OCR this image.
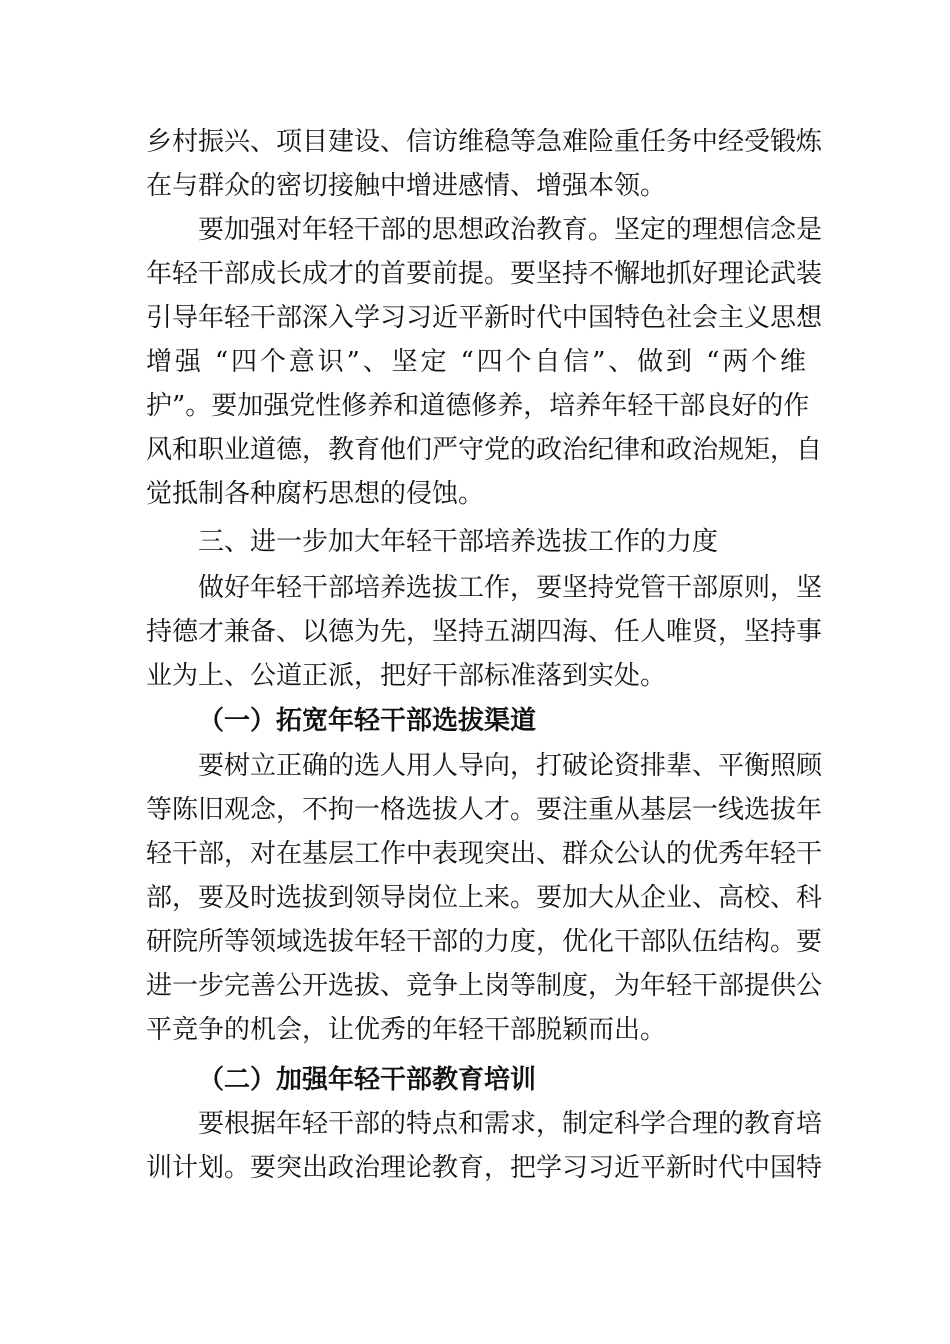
乡村振兴、项目建设、信访维稳等急难险重任务中经受锻炼
在与群众的密切接触中增进感情、增强本领。
要加强对年轻干部的思想政治教育。坚定的理想信念是
年轻干部成长成才的首要前提。要坚持不懈地抓好理论武装
引导年轻干部深入学习习近平新时代中国特色社会主义思想
增强 “四个意识”、坚定 “四个自信”、做到 “两个维
护”。要加强党性修养和道德修养，培养年轻干部良好的作
风和职业道德，教育他们严守党的政治纪律和政治规矩，自
觉抵制各种腐朽思想的侵蚀。
三、进一步加大年轻干部培养选拔工作的力度
做好年轻干部培养选拔工作，要坚持党管干部原则，坚
持德才兼备、以德为先，坚持五湖四海、任人唯贤，坚持事
业为上、公道正派，把好干部标准落到实处。
（一）拓宽年轻干部选拔渠道
要树立正确的选人用人导向，打破论资排辈、平衡照顾
等陈旧观念，不拘一格选拔人才。要注重从基层一线选拔年
轻干部，对在基层工作中表现突出、群众公认的优秀年轻干
部，要及时选拔到领导岗位上来。要加大从企业、高校、科
研院所等领域选拔年轻干部的力度，优化干部队伍结构。要
进一步完善公开选拔、竞争上岗等制度，为年轻干部提供公
平竞争的机会，让优秀的年轻干部脱颖而出。
（二）加强年轻干部教育培训
要根据年轻干部的特点和需求，制定科学合理的教育培
训计划。要突出政治理论教育，把学习习近平新时代中国特
